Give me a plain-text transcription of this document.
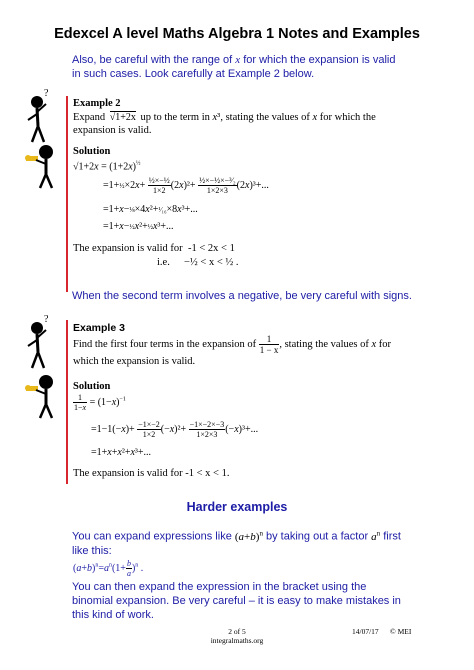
Edexcel A level Maths Algebra 1 Notes and Examples
Also, be careful with the range of x for which the expansion is valid in such cases. Look carefully at Example 2 below.
?
Example 2
Expand √1+2x up to the term in x³, stating the values of x for which the expansion is valid.
Solution
$√1+2x = (1+2x)^{\frac{1}{2}}$
=1+½×2x+ $\frac{\text{½×−½}}{1\times 2} (2x)^2+ \frac{\text{½×−½×−³⁄₂}}{1\times 2\times 3} (2x)^3+$...
=1+x−⅛×4x²+¹⁄₁₆×8x³+...
=1+x−½x²+½x³+...
The expansion is valid for -1 < 2x < 1
i.e. −½ < x < ½ .
When the second term involves a negative, be very careful with signs.
?
Example 3
Find the first four terms in the expansion of $\frac{1}{1 - x}$ , stating the values of x for which the expansion is valid.
Solution
$\frac{1}{1-x} = (1-x)^{-1}$
$=1-1(-x)+ \frac{-1\times-2}{1\times 2} (-x)^2+ \frac{-1\times-2\times-3}{1\times 2\times 3} (-x)^3+$...
=1+x+x²+x³+...
The expansion is valid for -1 < x < 1.
Harder examples
You can expand expressions like $(a+b)^n$ by taking out a factor $a^n$ first like this:
$(a+b)^n=a^n(1+ \frac{b}{a} )^n$ .
You can then expand the expression in the bracket using the binomial expansion. Be very careful – it is easy to make mistakes in this kind of work.
2 of 5
integralmaths.org
14/07/17 © MEI
